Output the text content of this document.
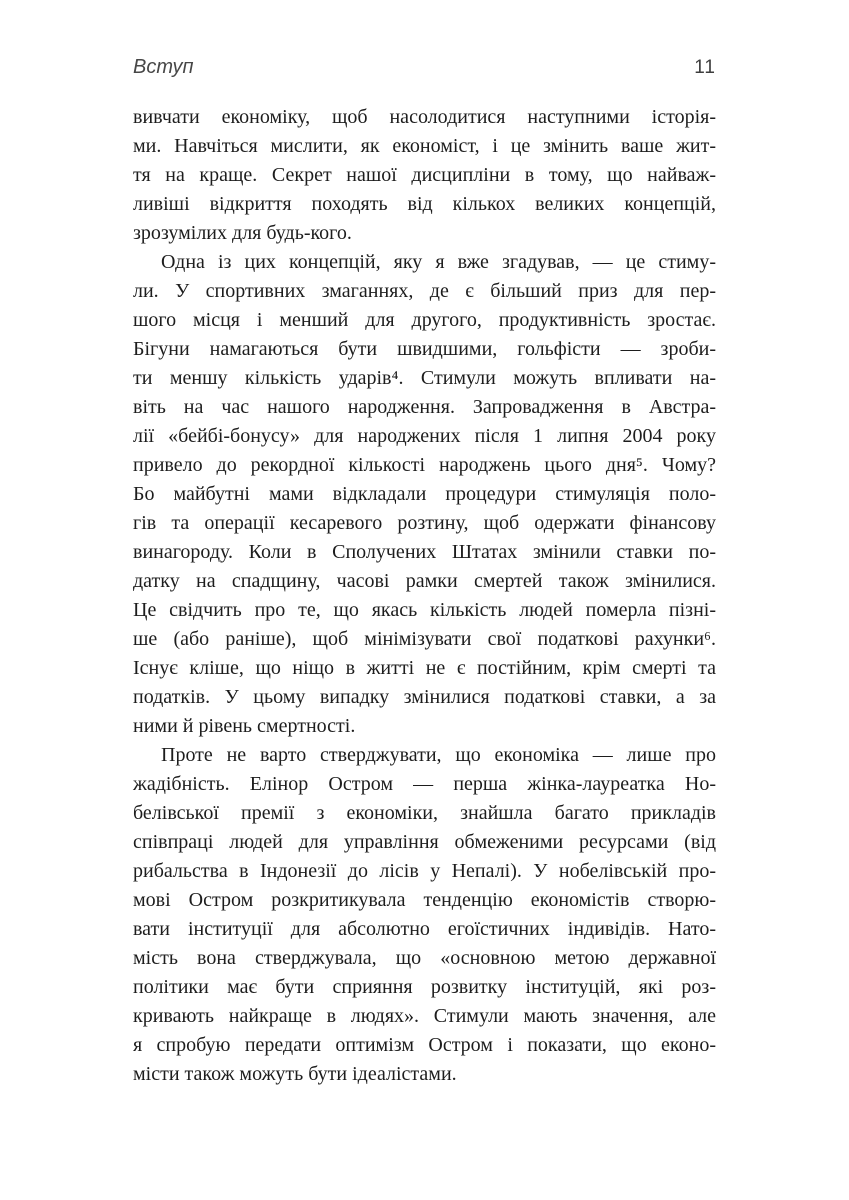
Вступ	11
вивчати економіку, щоб насолодитися наступними історія-
ми. Навчіться мислити, як економіст, і це змінить ваше жит-
тя на краще. Секрет нашої дисципліни в тому, що найваж-
ливіші відкриття походять від кількох великих концепцій,
зрозумілих для будь-кого.
Одна із цих концепцій, яку я вже згадував, — це стиму-
ли. У спортивних змаганнях, де є більший приз для пер-
шого місця і менший для другого, продуктивність зростає.
Бігуни намагаються бути швидшими, гольфісти — зроби-
ти меншу кількість ударів⁴. Стимули можуть впливати на-
віть на час нашого народження. Запровадження в Австра-
лії «бейбі-бонусу» для народжених після 1 липня 2004 року
привело до рекордної кількості народжень цього дня⁵. Чому?
Бо майбутні мами відкладали процедури стимуляція поло-
гів та операції кесаревого розтину, щоб одержати фінансову
винагороду. Коли в Сполучених Штатах змінили ставки по-
датку на спадщину, часові рамки смертей також змінилися.
Це свідчить про те, що якась кількість людей померла пізні-
ше (або раніше), щоб мінімізувати свої податкові рахунки⁶.
Існує кліше, що ніщо в житті не є постійним, крім смерті та
податків. У цьому випадку змінилися податкові ставки, а за
ними й рівень смертності.
Проте не варто стверджувати, що економіка — лише про
жадібність. Елінор Остром — перша жінка-лауреатка Но-
белівської премії з економіки, знайшла багато прикладів
співпраці людей для управління обмеженими ресурсами (від
рибальства в Індонезії до лісів у Непалі). У нобелівській про-
мові Остром розкритикувала тенденцію економістів створю-
вати інституції для абсолютно егоїстичних індивідів. Нато-
мість вона стверджувала, що «основною метою державної
політики має бути сприяння розвитку інституцій, які роз-
кривають найкраще в людях». Стимули мають значення, але
я спробую передати оптимізм Остром і показати, що еконо-
місти також можуть бути ідеалістами.
